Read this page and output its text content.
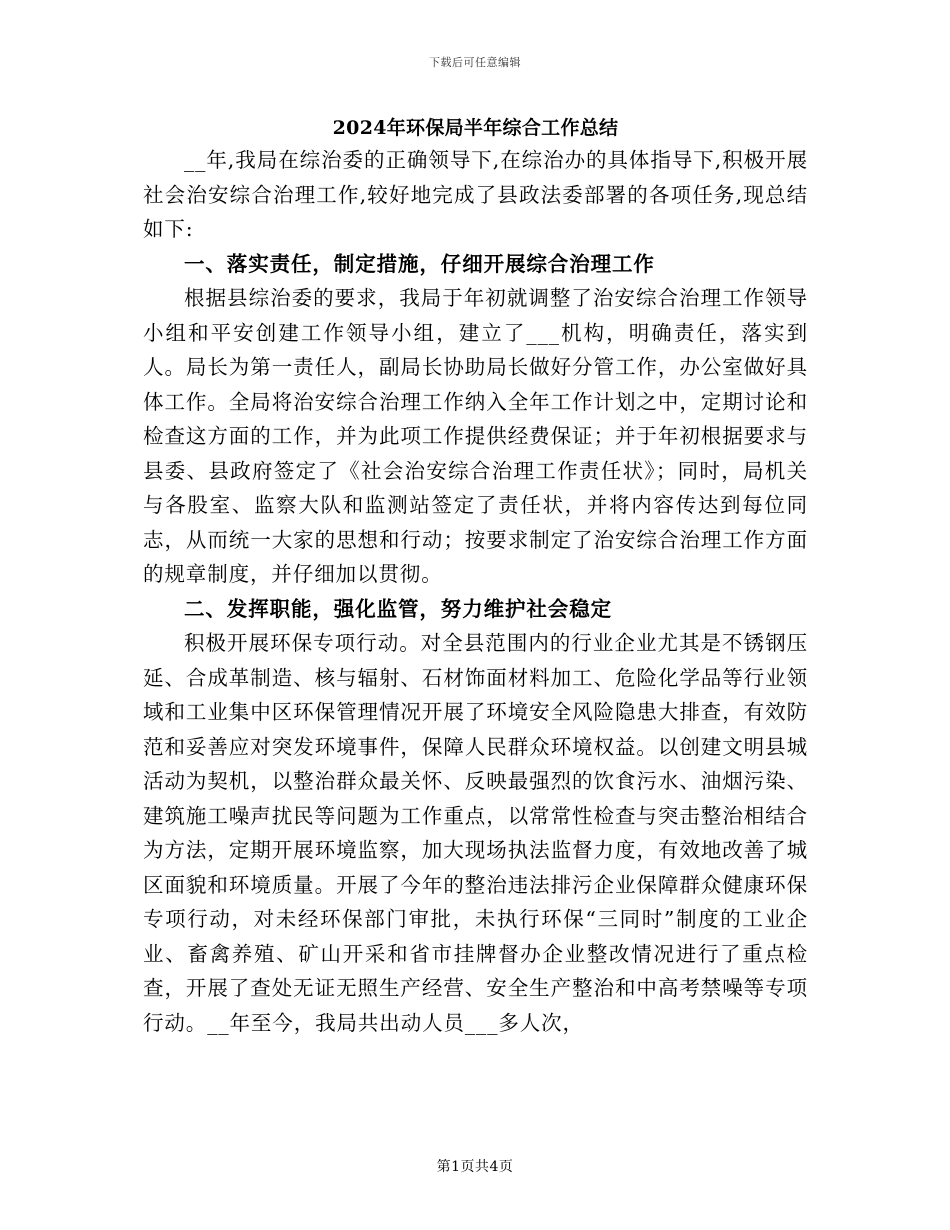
下载后可任意编辑
2024年环保局半年综合工作总结

__年,我局在综治委的正确领导下,在综治办的具体指导下,积极开展社会治安综合治理工作,较好地完成了县政法委部署的各项任务,现总结如下:

一、落实责任，制定措施，仔细开展综合治理工作

根据县综治委的要求，我局于年初就调整了治安综合治理工作领导小组和平安创建工作领导小组，建立了___机构，明确责任，落实到人。局长为第一责任人，副局长协助局长做好分管工作，办公室做好具体工作。全局将治安综合治理工作纳入全年工作计划之中，定期讨论和检查这方面的工作，并为此项工作提供经费保证；并于年初根据要求与县委、县政府签定了《社会治安综合治理工作责任状》；同时，局机关与各股室、监察大队和监测站签定了责任状，并将内容传达到每位同志，从而统一大家的思想和行动；按要求制定了治安综合治理工作方面的规章制度，并仔细加以贯彻。

二、发挥职能，强化监管，努力维护社会稳定

积极开展环保专项行动。对全县范围内的行业企业尤其是不锈钢压延、合成革制造、核与辐射、石材饰面材料加工、危险化学品等行业领域和工业集中区环保管理情况开展了环境安全风险隐患大排查，有效防范和妥善应对突发环境事件，保障人民群众环境权益。以创建文明县城活动为契机，以整治群众最关怀、反映最强烈的饮食污水、油烟污染、建筑施工噪声扰民等问题为工作重点，以常常性检查与突击整治相结合为方法，定期开展环境监察，加大现场执法监督力度，有效地改善了城区面貌和环境质量。开展了今年的整治违法排污企业保障群众健康环保专项行动，对未经环保部门审批，未执行环保“三同时”制度的工业企业、畜禽养殖、矿山开采和省市挂牌督办企业整改情况进行了重点检查，开展了查处无证无照生产经营、安全生产整治和中高考禁噪等专项行动。__年至今，我局共出动人员___多人次，

第1页共4页
